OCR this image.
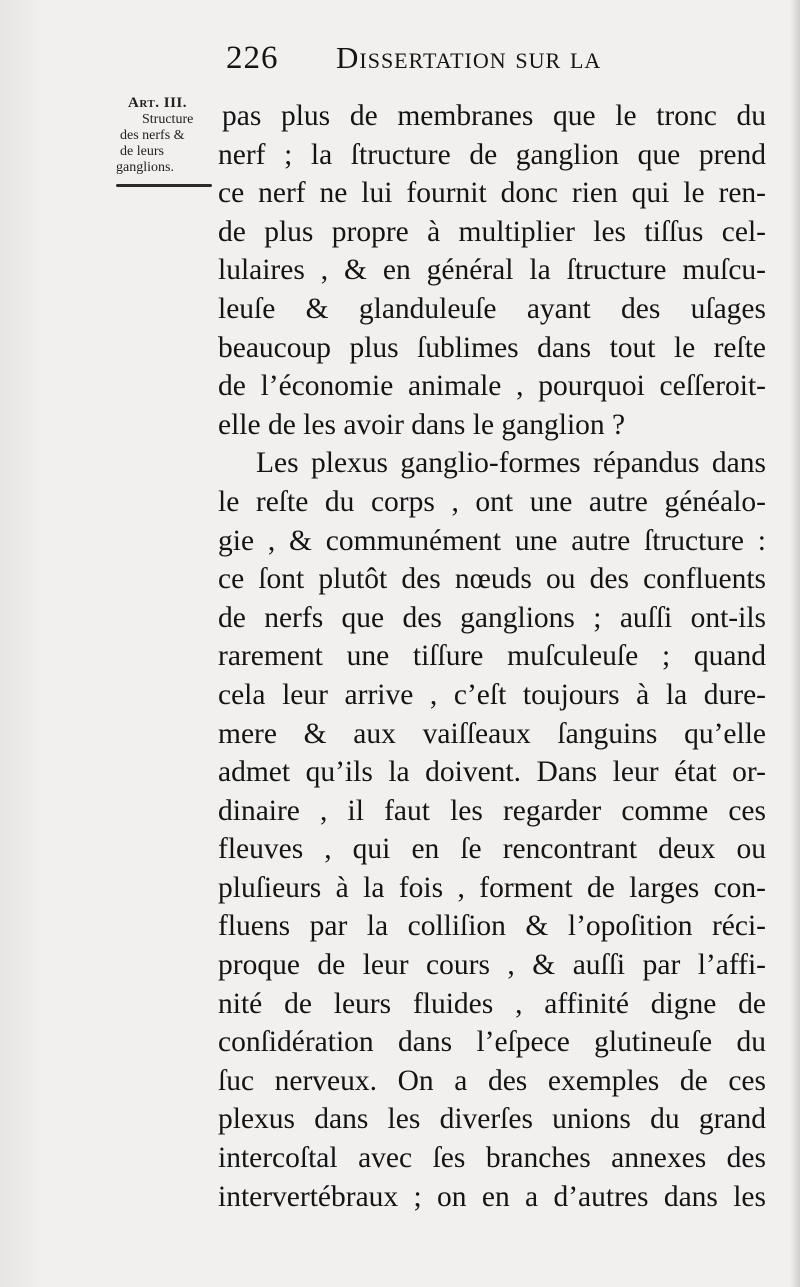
226 Dissertation sur la
Art. III.
Structure
des nerfs &
de leurs
ganglions.
pas plus de membranes que le tronc du
nerf ; la ſtructure de ganglion que prend
ce nerf ne lui fournit donc rien qui le ren-
de plus propre à multiplier les tiſſus cel-
lulaires , & en général la ſtructure muſcu-
leuſe & glanduleuſe ayant des uſages
beaucoup plus ſublimes dans tout le reſte
de l’économie animale , pourquoi ceſſeroit-
elle de les avoir dans le ganglion ?
Les plexus ganglio-formes répandus dans
le reſte du corps , ont une autre généalo-
gie , & communément une autre ſtructure :
ce ſont plutôt des nœuds ou des confluents
de nerfs que des ganglions ; auſſi ont-ils
rarement une tiſſure muſculeuſe ; quand
cela leur arrive , c’eſt toujours à la dure-
mere & aux vaiſſeaux ſanguins qu’elle
admet qu’ils la doivent. Dans leur état or-
dinaire , il faut les regarder comme ces
fleuves , qui en ſe rencontrant deux ou
pluſieurs à la fois , forment de larges con-
fluens par la colliſion & l’opoſition réci-
proque de leur cours , & auſſi par l’affi-
nité de leurs fluides , affinité digne de
conſidération dans l’eſpece glutineuſe du
ſuc nerveux. On a des exemples de ces
plexus dans les diverſes unions du grand
intercoſtal avec ſes branches annexes des
intervertébraux ; on en a d’autres dans les
